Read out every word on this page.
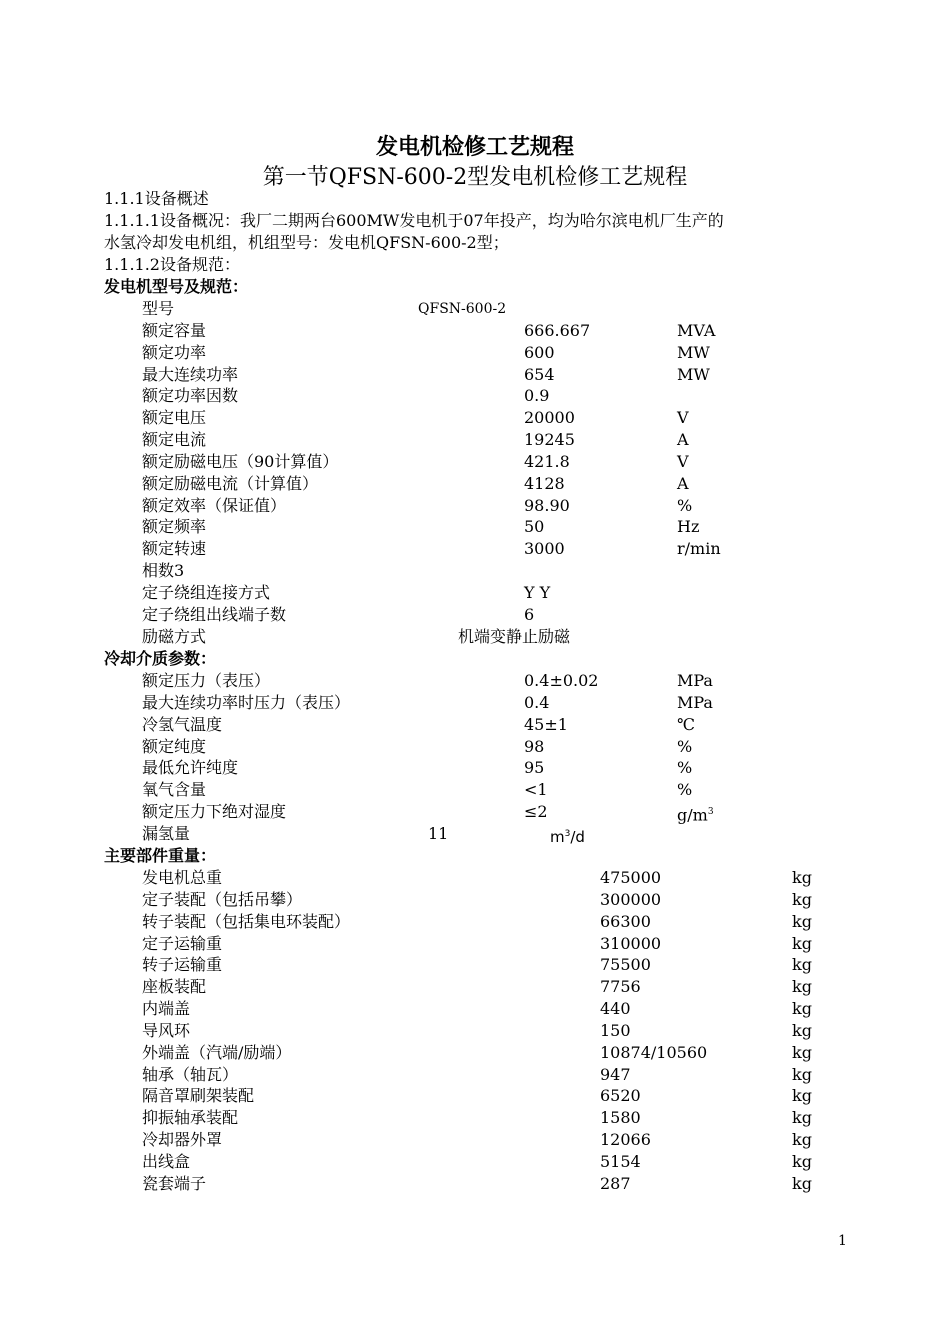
发电机检修工艺规程
第一节QFSN-600-2型发电机检修工艺规程
1.1.1设备概述
1.1.1.1设备概况：我厂二期两台600MW发电机于07年投产，均为哈尔滨电机厂生产的
水氢冷却发电机组，机组型号：发电机QFSN-600-2型；
1.1.1.2设备规范：
发电机型号及规范：
型号	QFSN-600-2
额定容量	666.667	MVA
额定功率	600	MW
最大连续功率	654	MW
额定功率因数	0.9
额定电压	20000	V
额定电流	19245	A
额定励磁电压（90计算值）	421.8	V
额定励磁电流（计算值）	4128	A
额定效率（保证值）	98.90	%
额定频率	50	Hz
额定转速	3000	r/min
相数3
定子绕组连接方式	Y Y
定子绕组出线端子数	6
励磁方式	机端变静止励磁
冷却介质参数：
额定压力（表压）	0.4±0.02	MPa
最大连续功率时压力（表压）	0.4	MPa
冷氢气温度	45±1	℃
额定纯度	98	%
最低允许纯度	95	%
氧气含量	<1	%
额定压力下绝对湿度	≤2	$g/m^3$
漏氢量	11	$m^3/d$
主要部件重量：
发电机总重	475000	kg
定子装配（包括吊攀）	300000	kg
转子装配（包括集电环装配）	66300	kg
定子运输重	310000	kg
转子运输重	75500	kg
座板装配	7756	kg
内端盖	440	kg
导风环	150	kg
外端盖（汽端/励端）	10874/10560	kg
轴承（轴瓦）	947	kg
隔音罩刷架装配	6520	kg
抑振轴承装配	1580	kg
冷却器外罩	12066	kg
出线盒	5154	kg
瓷套端子	287	kg
1
